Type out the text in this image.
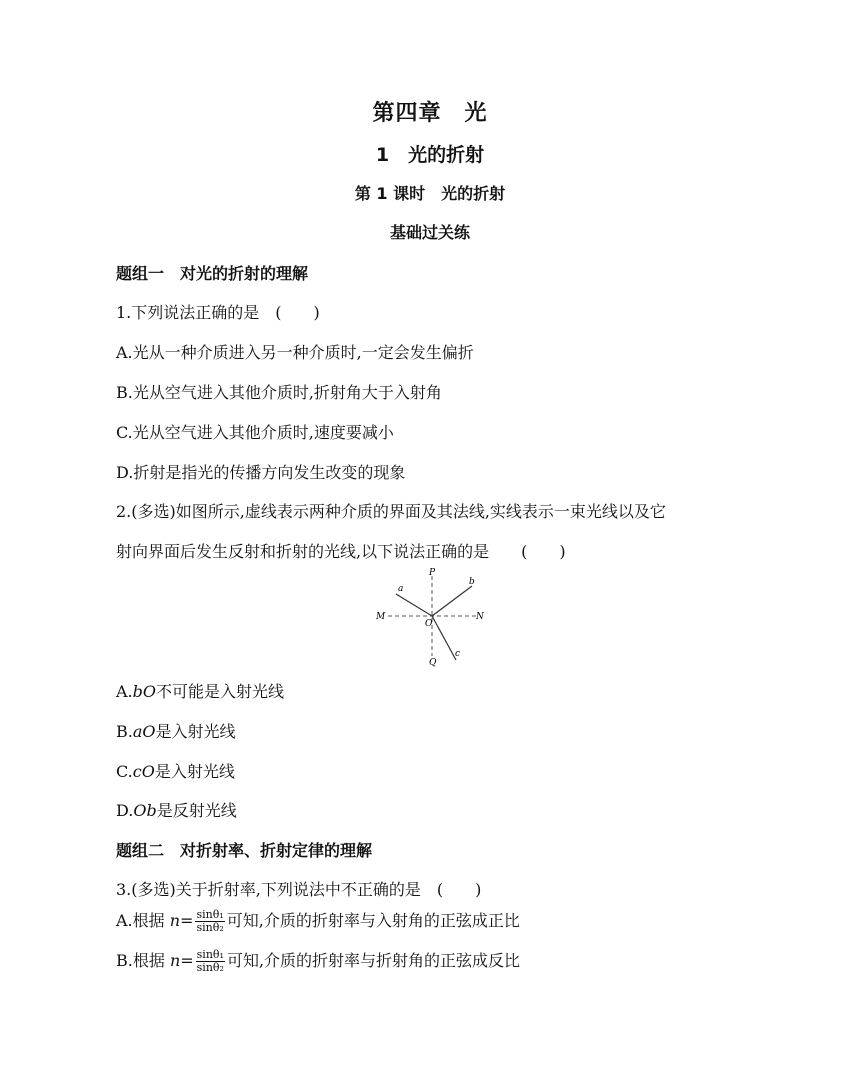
第四章　光
1　光的折射
第 1 课时　光的折射
基础过关练
题组一　对光的折射的理解
1.下列说法正确的是　(　　)
A.光从一种介质进入另一种介质时,一定会发生偏折
B.光从空气进入其他介质时,折射角大于入射角
C.光从空气进入其他介质时,速度要减小
D.折射是指光的传播方向发生改变的现象
2.(多选)如图所示,虚线表示两种介质的界面及其法线,实线表示一束光线以及它
射向界面后发生反射和折射的光线,以下说法正确的是　　(　　)
P
Q
M	N
O
a
b
c
A.bO不可能是入射光线
B.aO是入射光线
C.cO是入射光线
D.Ob是反射光线
题组二　对折射率、折射定律的理解
3.(多选)关于折射率,下列说法中不正确的是　(　　)
A.根据 $n= \frac{\text{sinθ₁}}{\text{sinθ₂}}$ 可知,介质的折射率与入射角的正弦成正比
B.根据 $n= \frac{\text{sinθ₁}}{\text{sinθ₂}}$ 可知,介质的折射率与折射角的正弦成反比
